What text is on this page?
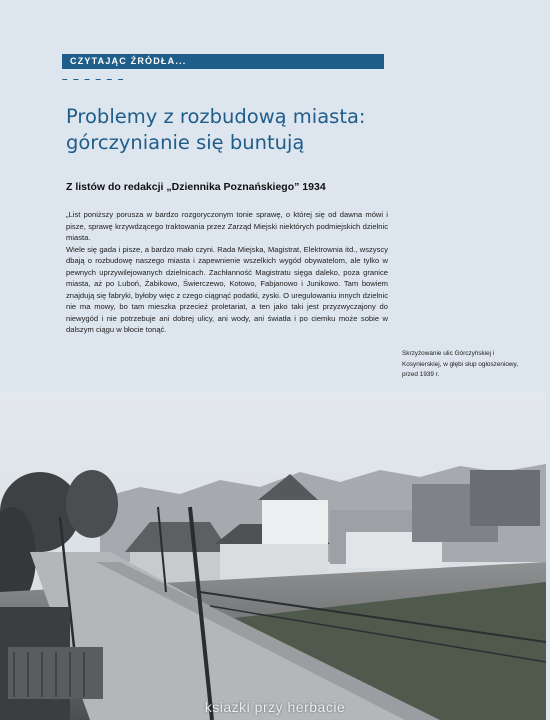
CZYTAJĄC ŹRÓDŁA...
– – – – – –
Problemy z rozbudową miasta:
górczynianie się buntują
Z listów do redakcji „Dziennika Poznańskiego” 1934

„List poniższy porusza w bardzo rozgoryczonym tonie sprawę, o której się od dawna mówi i pisze, sprawę krzywdzącego traktowania przez Zarząd Miejski niektórych podmiejskich dzielnic miasta.

Wiele się gada i pisze, a bardzo mało czyni. Rada Miejska, Magistrat, Elektrownia itd., wszyscy dbają o rozbudowę naszego miasta i zapewnienie wszelkich wygód obywatelom, ale tylko w pewnych uprzywilejowanych dzielnicach. Zachłanność Magistratu sięga daleko, poza granice miasta, aż po Luboń, Żabikowo, Świerczewo, Kotowo, Fabjanowo i Junikowo. Tam bowiem znajdują się fabryki, byłoby więc z czego ciągnąć podatki, zyski. O uregulowaniu innych dzielnic nie ma mowy, bo tam mieszka przecież proletariat, a ten jako taki jest przyzwyczajony do niewygód i nie potrzebuje ani dobrej ulicy, ani wody, ani światła i po ciemku może sobie w dalszym ciągu w błocie tonąć.

Skrzyżowanie ulic Górczyńskiej i Kosynierskiej, w głębi słup ogłoszeniowy, przed 1939 r.
ksiazki przy herbacie
